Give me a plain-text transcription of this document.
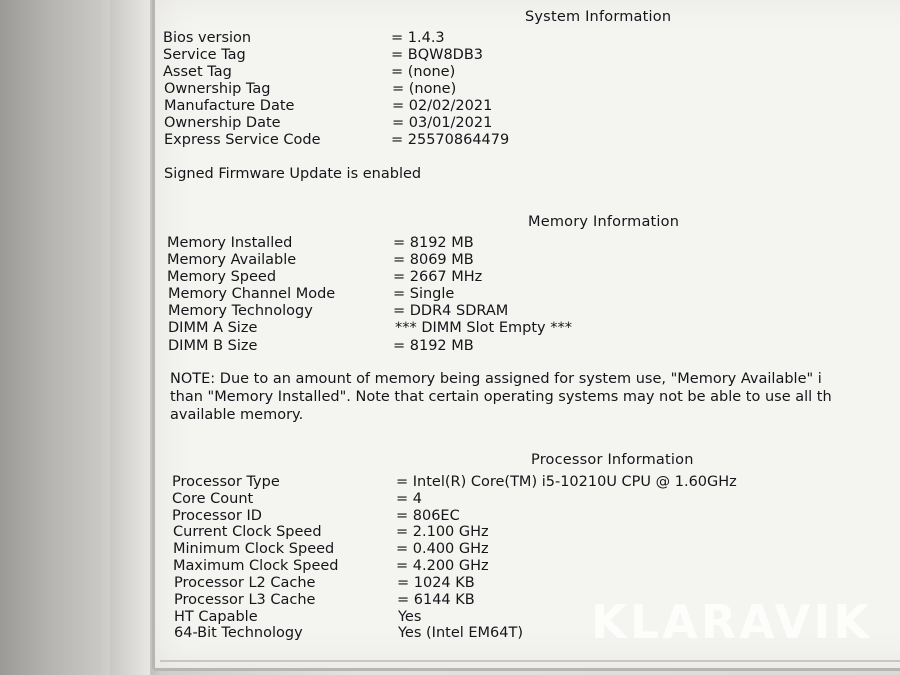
System Information
Bios version	= 1.4.3
Service Tag	= BQW8DB3
Asset Tag	= (none)
Ownership Tag	= (none)
Manufacture Date	= 02/02/2021
Ownership Date	= 03/01/2021
Express Service Code	= 25570864479
Signed Firmware Update is enabled
Memory Information
Memory Installed	= 8192 MB
Memory Available	= 8069 MB
Memory Speed	= 2667 MHz
Memory Channel Mode	= Single
Memory Technology	= DDR4 SDRAM
DIMM A Size	*** DIMM Slot Empty ***
DIMM B Size	= 8192 MB
NOTE: Due to an amount of memory being assigned for system use, "Memory Available" i
than "Memory Installed". Note that certain operating systems may not be able to use all th
available memory.
Processor Information
Processor Type	= Intel(R) Core(TM) i5-10210U CPU @ 1.60GHz
Core Count	= 4
Processor ID	= 806EC
Current Clock Speed	= 2.100 GHz
Minimum Clock Speed	= 0.400 GHz
Maximum Clock Speed	= 4.200 GHz
Processor L2 Cache	= 1024 KB
Processor L3 Cache	= 6144 KB
HT Capable	Yes
64-Bit Technology	Yes (Intel EM64T) KLARAVIK
